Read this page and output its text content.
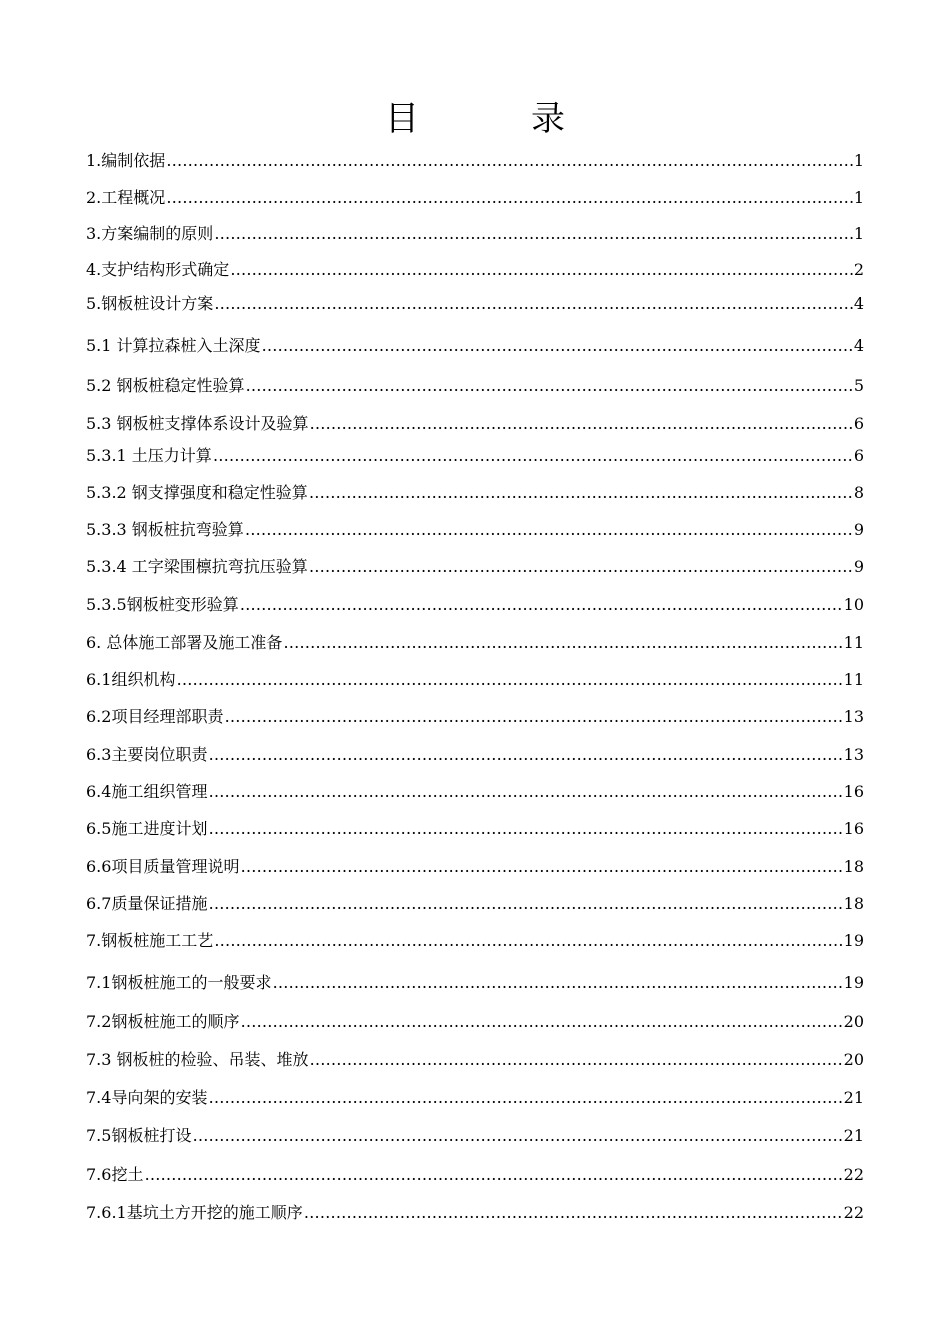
目	录
1.编制依据 ………………………………………………………………………………………………………………………………………………………………………………………………………………………………………………	1
2.工程概况 ………………………………………………………………………………………………………………………………………………………………………………………………………………………………………………	1
3.方案编制的原则 ………………………………………………………………………………………………………………………………………………………………………………………………………………………………………………	1
4.支护结构形式确定 ………………………………………………………………………………………………………………………………………………………………………………………………………………………………………………	2
5.钢板桩设计方案 ………………………………………………………………………………………………………………………………………………………………………………………………………………………………………………	4
5.1 计算拉森桩入土深度 ………………………………………………………………………………………………………………………………………………………………………………………………………………………………………………	4
5.2 钢板桩稳定性验算 ………………………………………………………………………………………………………………………………………………………………………………………………………………………………………………	5
5.3 钢板桩支撑体系设计及验算 ………………………………………………………………………………………………………………………………………………………………………………………………………………………………………………	6
5.3.1 土压力计算 ………………………………………………………………………………………………………………………………………………………………………………………………………………………………………………	6
5.3.2 钢支撑强度和稳定性验算 ………………………………………………………………………………………………………………………………………………………………………………………………………………………………………………	8
5.3.3 钢板桩抗弯验算 ………………………………………………………………………………………………………………………………………………………………………………………………………………………………………………	9
5.3.4 工字梁围檩抗弯抗压验算 ………………………………………………………………………………………………………………………………………………………………………………………………………………………………………………	9
5.3.5钢板桩变形验算 ………………………………………………………………………………………………………………………………………………………………………………………………………………………………………………	10
6. 总体施工部署及施工准备 ………………………………………………………………………………………………………………………………………………………………………………………………………………………………………………	11
6.1组织机构 ………………………………………………………………………………………………………………………………………………………………………………………………………………………………………………	11
6.2项目经理部职责 ………………………………………………………………………………………………………………………………………………………………………………………………………………………………………………	13
6.3主要岗位职责 ………………………………………………………………………………………………………………………………………………………………………………………………………………………………………………	13
6.4施工组织管理 ………………………………………………………………………………………………………………………………………………………………………………………………………………………………………………	16
6.5施工进度计划 ………………………………………………………………………………………………………………………………………………………………………………………………………………………………………………	16
6.6项目质量管理说明 ………………………………………………………………………………………………………………………………………………………………………………………………………………………………………………	18
6.7质量保证措施 ………………………………………………………………………………………………………………………………………………………………………………………………………………………………………………	18
7.钢板桩施工工艺 ………………………………………………………………………………………………………………………………………………………………………………………………………………………………………………	19
7.1钢板桩施工的一般要求 ………………………………………………………………………………………………………………………………………………………………………………………………………………………………………………	19
7.2钢板桩施工的顺序 ………………………………………………………………………………………………………………………………………………………………………………………………………………………………………………	20
7.3 钢板桩的检验、吊装、堆放 ………………………………………………………………………………………………………………………………………………………………………………………………………………………………………………	20
7.4导向架的安装 ………………………………………………………………………………………………………………………………………………………………………………………………………………………………………………	21
7.5钢板桩打设 ………………………………………………………………………………………………………………………………………………………………………………………………………………………………………………	21
7.6挖土 ………………………………………………………………………………………………………………………………………………………………………………………………………………………………………………	22
7.6.1基坑土方开挖的施工顺序 ………………………………………………………………………………………………………………………………………………………………………………………………………………………………………………	22
